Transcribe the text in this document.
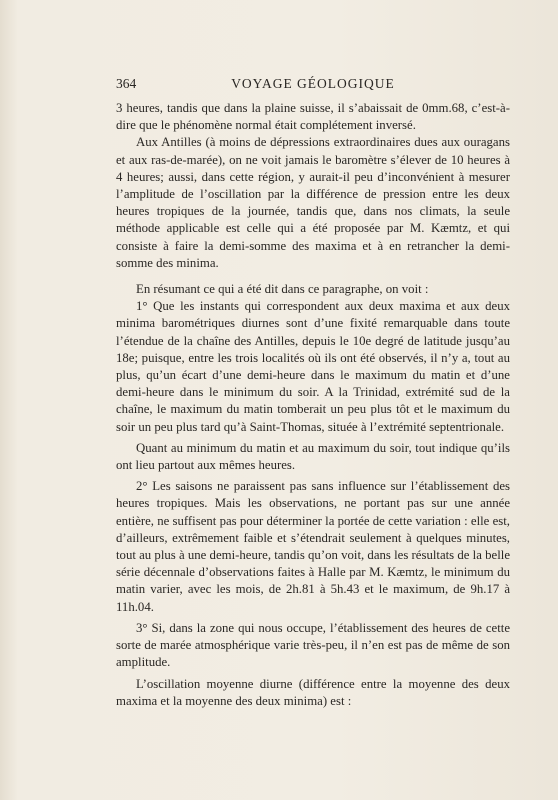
364	VOYAGE GÉOLOGIQUE

3 heures, tandis que dans la plaine suisse, il s’abaissait de 0mm.68, c’est-à-dire que le phénomène normal était complétement inversé.

Aux Antilles (à moins de dépressions extraordinaires dues aux ouragans et aux ras-de-marée), on ne voit jamais le baromètre s’élever de 10 heures à 4 heures; aussi, dans cette région, y aurait-il peu d’inconvénient à mesurer l’amplitude de l’oscillation par la différence de pression entre les deux heures tropiques de la journée, tandis que, dans nos climats, la seule méthode applicable est celle qui a été proposée par M. Kæmtz, et qui consiste à faire la demi-somme des maxima et à en retrancher la demi-somme des minima.

En résumant ce qui a été dit dans ce paragraphe, on voit :

1° Que les instants qui correspondent aux deux maxima et aux deux minima barométriques diurnes sont d’une fixité remarquable dans toute l’étendue de la chaîne des Antilles, depuis le 10e degré de latitude jusqu’au 18e; puisque, entre les trois localités où ils ont été observés, il n’y a, tout au plus, qu’un écart d’une demi-heure dans le maximum du matin et d’une demi-heure dans le minimum du soir. A la Trinidad, extrémité sud de la chaîne, le maximum du matin tomberait un peu plus tôt et le maximum du soir un peu plus tard qu’à Saint-Thomas, située à l’extrémité septentrionale.

Quant au minimum du matin et au maximum du soir, tout indique qu’ils ont lieu partout aux mêmes heures.

2° Les saisons ne paraissent pas sans influence sur l’établissement des heures tropiques. Mais les observations, ne portant pas sur une année entière, ne suffisent pas pour déterminer la portée de cette variation : elle est, d’ailleurs, extrêmement faible et s’étendrait seulement à quelques minutes, tout au plus à une demi-heure, tandis qu’on voit, dans les résultats de la belle série décennale d’observations faites à Halle par M. Kæmtz, le minimum du matin varier, avec les mois, de 2h.81 à 5h.43 et le maximum, de 9h.17 à 11h.04.

3° Si, dans la zone qui nous occupe, l’établissement des heures de cette sorte de marée atmosphérique varie très-peu, il n’en est pas de même de son amplitude.

L’oscillation moyenne diurne (différence entre la moyenne des deux maxima et la moyenne des deux minima) est :
